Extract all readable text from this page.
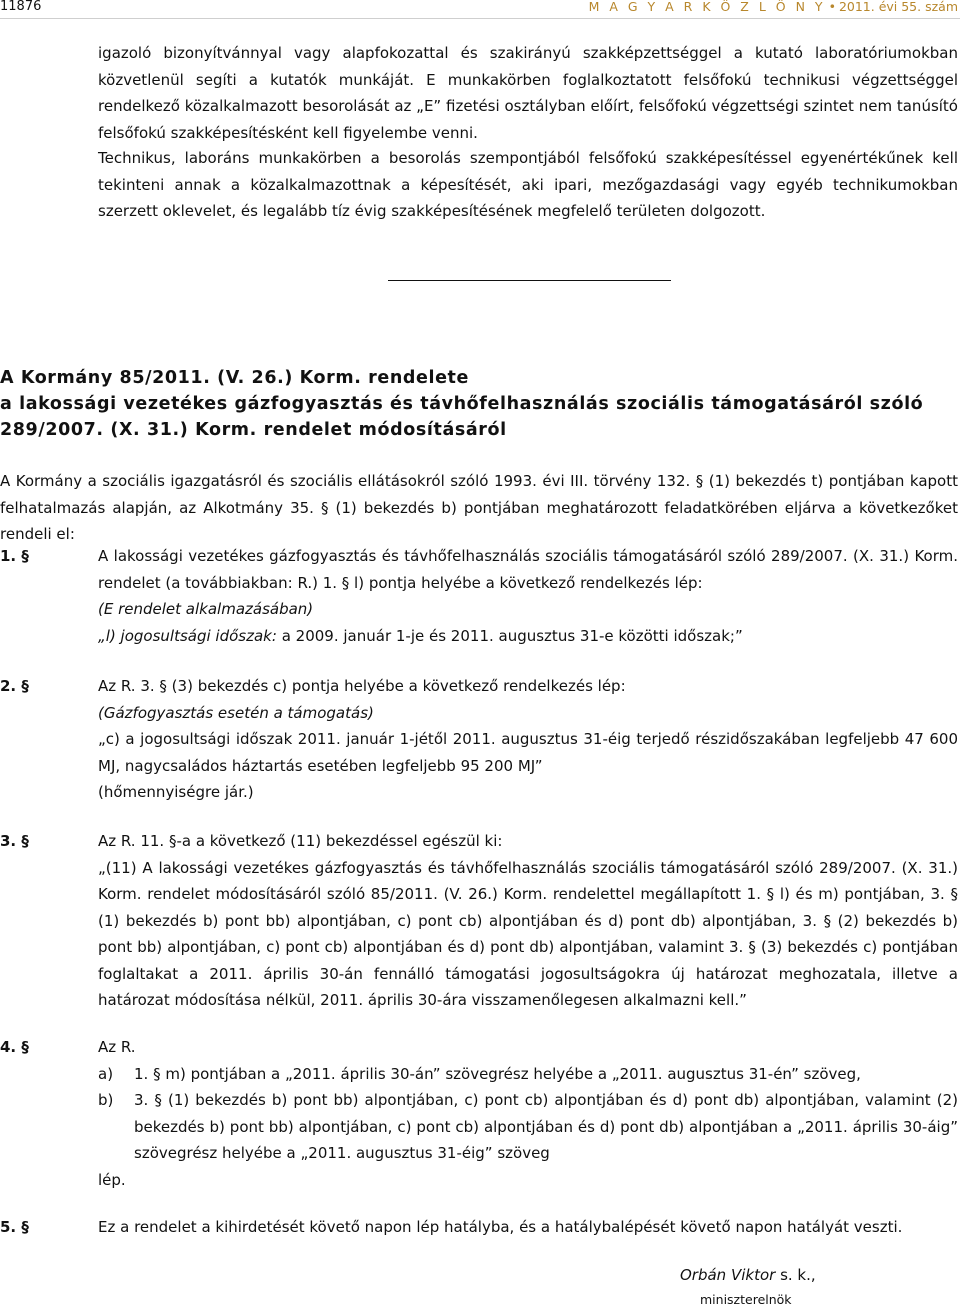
11876	M A G Y A R K Ö Z L Ö N Y • 2011. évi 55. szám
igazoló bizonyítvánnyal vagy alapfokozattal és szakirányú szakképzettséggel a kutató laboratóriumokban közvetlenül segíti a kutatók munkáját. E munkakörben foglalkoztatott felsőfokú technikusi végzettséggel rendelkező közalkalmazott besorolását az „E” fizetési osztályban előírt, felsőfokú végzettségi szintet nem tanúsító felsőfokú szakképesítésként kell figyelembe venni.
Technikus, laboráns munkakörben a besorolás szempontjából felsőfokú szakképesítéssel egyenértékűnek kell tekinteni annak a közalkalmazottnak a képesítését, aki ipari, mezőgazdasági vagy egyéb technikumokban szerzett oklevelet, és legalább tíz évig szakképesítésének megfelelő területen dolgozott.
A Kormány 85/2011. (V. 26.) Korm. rendelete
a lakossági vezetékes gázfogyasztás és távhőfelhasználás szociális támogatásáról szóló
289/2007. (X. 31.) Korm. rendelet módosításáról
A Kormány a szociális igazgatásról és szociális ellátásokról szóló 1993. évi III. törvény 132. § (1) bekezdés t) pontjában kapott felhatalmazás alapján, az Alkotmány 35. § (1) bekezdés b) pontjában meghatározott feladatkörében eljárva a következőket rendeli el:
1. §	A lakossági vezetékes gázfogyasztás és távhőfelhasználás szociális támogatásáról szóló 289/2007. (X. 31.) Korm. rendelet (a továbbiakban: R.) 1. § l) pontja helyébe a következő rendelkezés lép:

(E rendelet alkalmazásában)

„l) jogosultsági időszak: a 2009. január 1-je és 2011. augusztus 31-e közötti időszak;”

2. §	Az R. 3. § (3) bekezdés c) pontja helyébe a következő rendelkezés lép:

(Gázfogyasztás esetén a támogatás)

„c) a jogosultsági időszak 2011. január 1-jétől 2011. augusztus 31-éig terjedő részidőszakában legfeljebb 47 600 MJ, nagycsaládos háztartás esetében legfeljebb 95 200 MJ”

(hőmennyiségre jár.)

3. §	Az R. 11. §-a a következő (11) bekezdéssel egészül ki:

„(11) A lakossági vezetékes gázfogyasztás és távhőfelhasználás szociális támogatásáról szóló 289/2007. (X. 31.) Korm. rendelet módosításáról szóló 85/2011. (V. 26.) Korm. rendelettel megállapított 1. § l) és m) pontjában, 3. § (1) bekezdés b) pont bb) alpontjában, c) pont cb) alpontjában és d) pont db) alpontjában, 3. § (2) bekezdés b) pont bb) alpontjában, c) pont cb) alpontjában és d) pont db) alpontjában, valamint 3. § (3) bekezdés c) pontjában foglaltakat a 2011. április 30-án fennálló támogatási jogosultságokra új határozat meghozatala, illetve a határozat módosítása nélkül, 2011. április 30-ára visszamenőlegesen alkalmazni kell.”

4. §	Az R.

a) 1. § m) pontjában a „2011. április 30-án” szövegrész helyébe a „2011. augusztus 31-én” szöveg,
b) 3. § (1) bekezdés b) pont bb) alpontjában, c) pont cb) alpontjában és d) pont db) alpontjában, valamint (2) bekezdés b) pont bb) alpontjában, c) pont cb) alpontjában és d) pont db) alpontjában a „2011. április 30-áig” szövegrész helyébe a „2011. augusztus 31-éig” szöveg

lép.

5. §	Ez a rendelet a kihirdetését követő napon lép hatályba, és a hatálybalépését követő napon hatályát veszti.

Orbán Viktor s. k.,
miniszterelnök
